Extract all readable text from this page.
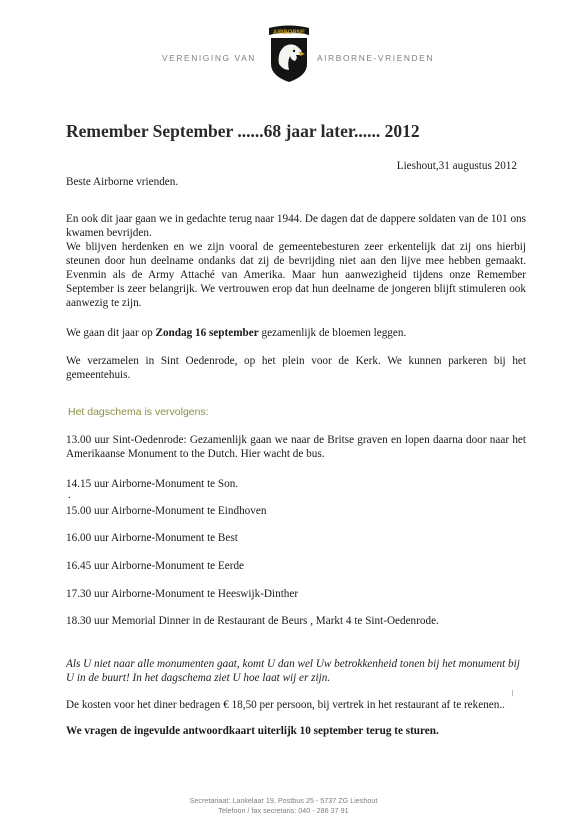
VERENIGING VAN
AIRBORNE
AIRBORNE-VRIENDEN
Remember September ......68 jaar later...... 2012
Lieshout,31 augustus 2012
Beste Airborne vrienden.
En ook dit jaar gaan we in gedachte terug naar 1944. De dagen dat de dappere soldaten van de 101 ons kwamen bevrijden.
We blijven herdenken en we zijn vooral de gemeentebesturen zeer erkentelijk dat zij ons hierbij steunen door hun deelname ondanks dat zij de bevrijding niet aan den lijve mee hebben gemaakt. Evenmin als de Army Attaché van Amerika. Maar hun aanwezigheid tijdens onze Remember September is zeer belangrijk. We vertrouwen erop dat hun deelname de jongeren blijft stimuleren ook aanwezig te zijn.
We gaan dit jaar op Zondag 16 september gezamenlijk de bloemen leggen.
We verzamelen in Sint Oedenrode, op het plein voor de Kerk. We kunnen parkeren bij het gemeentehuis.
Het dagschema is vervolgens:
13.00 uur Sint-Oedenrode: Gezamenlijk gaan we naar de Britse graven en lopen daarna door naar het Amerikaanse Monument to the Dutch. Hier wacht de bus.
.
14.15 uur Airborne-Monument te Son.
15.00 uur Airborne-Monument te Eindhoven
16.00 uur Airborne-Monument te Best
16.45 uur Airborne-Monument te Eerde
17.30 uur Airborne-Monument te Heeswijk-Dinther
18.30 uur Memorial Dinner in de Restaurant de Beurs , Markt 4 te Sint-Oedenrode.
Als U niet naar alle monumenten gaat, komt U dan wel Uw betrokkenheid tonen bij het monument bij U in de buurt! In het dagschema ziet U hoe laat wij er zijn.
De kosten voor het diner bedragen € 18,50 per persoon, bij vertrek in het restaurant af te rekenen..
We vragen de ingevulde antwoordkaart uiterlijk 10 september terug te sturen.
Secretariaat: Lankelaar 19, Postbus 25 - 5737 ZG Lieshout
Telefoon / fax secretaris: 040 - 286 37 91
